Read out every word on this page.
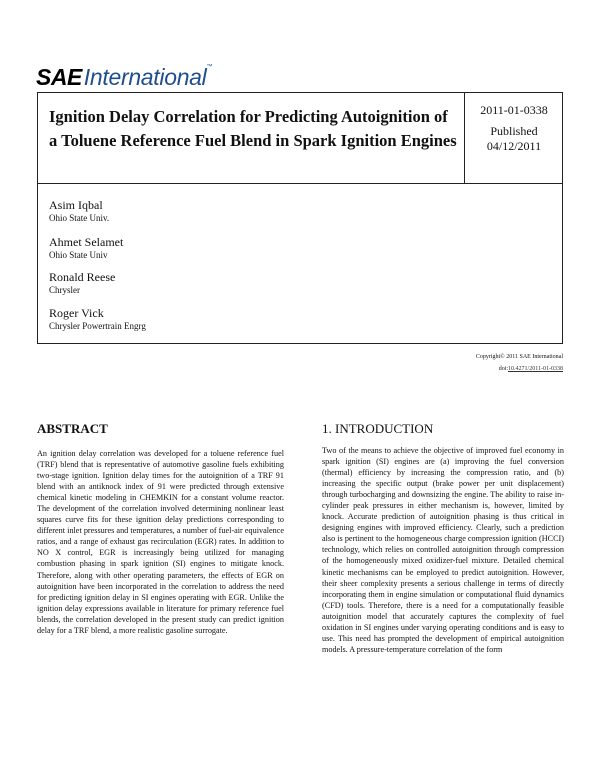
SAEInternational™
Ignition Delay Correlation for Predicting Autoignition of a Toluene Reference Fuel Blend in Spark Ignition Engines
2011-01-0338
Published
04/12/2011
Asim Iqbal
Ohio State Univ.
Ahmet Selamet
Ohio State Univ
Ronald Reese
Chrysler
Roger Vick
Chrysler Powertrain Engrg
Copyright© 2011 SAE International
doi:10.4271/2011-01-0338
ABSTRACT

An ignition delay correlation was developed for a toluene reference fuel (TRF) blend that is representative of automotive gasoline fuels exhibiting two-stage ignition. Ignition delay times for the autoignition of a TRF 91 blend with an antiknock index of 91 were predicted through extensive chemical kinetic modeling in CHEMKIN for a constant volume reactor. The development of the correlation involved determining nonlinear least squares curve fits for these ignition delay predictions corresponding to different inlet pressures and temperatures, a number of fuel-air equivalence ratios, and a range of exhaust gas recirculation (EGR) rates. In addition to NO X control, EGR is increasingly being utilized for managing combustion phasing in spark ignition (SI) engines to mitigate knock. Therefore, along with other operating parameters, the effects of EGR on autoignition have been incorporated in the correlation to address the need for predicting ignition delay in SI engines operating with EGR. Unlike the ignition delay expressions available in literature for primary reference fuel blends, the correlation developed in the present study can predict ignition delay for a TRF blend, a more realistic gasoline surrogate.

1. INTRODUCTION

Two of the means to achieve the objective of improved fuel economy in spark ignition (SI) engines are (a) improving the fuel conversion (thermal) efficiency by increasing the compression ratio, and (b) increasing the specific output (brake power per unit displacement) through turbocharging and downsizing the engine. The ability to raise in-cylinder peak pressures in either mechanism is, however, limited by knock. Accurate prediction of autoignition phasing is thus critical in designing engines with improved efficiency. Clearly, such a prediction also is pertinent to the homogeneous charge compression ignition (HCCI) technology, which relies on controlled autoignition through compression of the homogeneously mixed oxidizer-fuel mixture. Detailed chemical kinetic mechanisms can be employed to predict autoignition. However, their sheer complexity presents a serious challenge in terms of directly incorporating them in engine simulation or computational fluid dynamics (CFD) tools. Therefore, there is a need for a computationally feasible autoignition model that accurately captures the complexity of fuel oxidation in SI engines under varying operating conditions and is easy to use. This need has prompted the development of empirical autoignition models. A pressure-temperature correlation of the form
